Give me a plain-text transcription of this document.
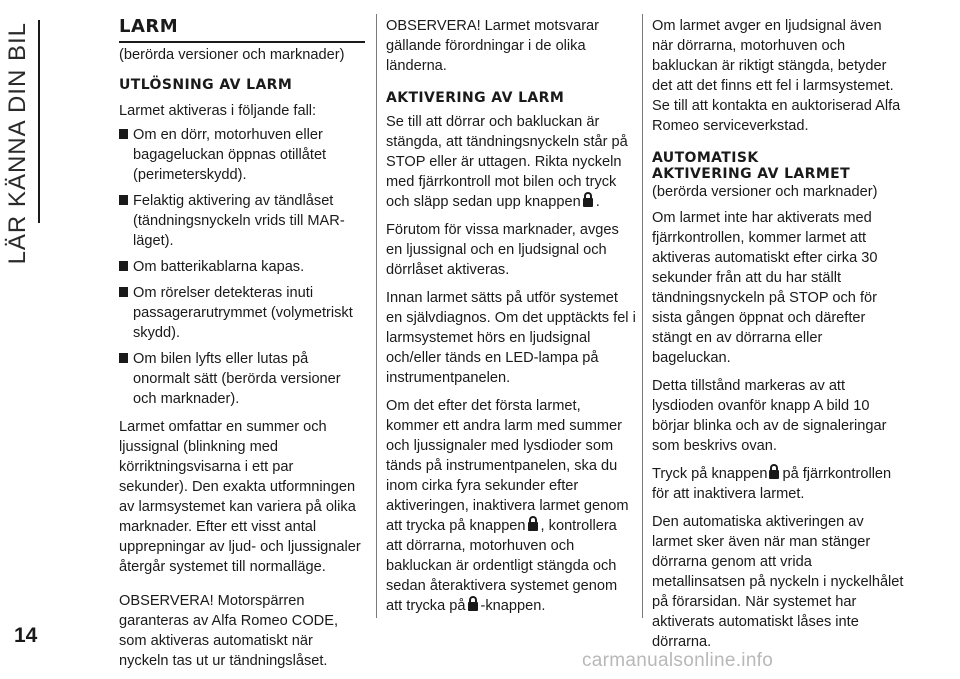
LÄR KÄNNA DIN BIL
14
LARM

(berörda versioner och marknader)

UTLÖSNING AV LARM

Larmet aktiveras i följande fall:

Om en dörr, motorhuven eller bagageluckan öppnas otillåtet (perimeterskydd).
Felaktig aktivering av tändlåset (tändningsnyckeln vrids till MAR-läget).
Om batterikablarna kapas.
Om rörelser detekteras inuti passagerarutrymmet (volymetriskt skydd).
Om bilen lyfts eller lutas på onormalt sätt (berörda versioner och marknader).

Larmet omfattar en summer och ljussignal (blinkning med körriktningsvisarna i ett par sekunder). Den exakta utformningen av larmsystemet kan variera på olika marknader. Efter ett visst antal upprepningar av ljud- och ljussignaler återgår systemet till normalläge.

OBSERVERA! Motorspärren garanteras av Alfa Romeo CODE, som aktiveras automatiskt när nyckeln tas ut ur tändningslåset.

OBSERVERA! Larmet motsvarar gällande förordningar i de olika länderna.

AKTIVERING AV LARM

Se till att dörrar och bakluckan är stängda, att tändningsnyckeln står på STOP eller är uttagen. Rikta nyckeln med fjärrkontroll mot bilen och tryck och släpp sedan upp knappen .

Förutom för vissa marknader, avges en ljussignal och en ljudsignal och dörrlåset aktiveras.

Innan larmet sätts på utför systemet en självdiagnos. Om det upptäckts fel i larmsystemet hörs en ljudsignal och/eller tänds en LED-lampa på instrumentpanelen.

Om det efter det första larmet, kommer ett andra larm med summer och ljussignaler med lysdioder som tänds på instrumentpanelen, ska du inom cirka fyra sekunder efter aktiveringen, inaktivera larmet genom att trycka på knappen , kontrollera att dörrarna, motorhuven och bakluckan är ordentligt stängda och sedan återaktivera systemet genom att trycka på -knappen.

Om larmet avger en ljudsignal även när dörrarna, motorhuven och bakluckan är riktigt stängda, betyder det att det finns ett fel i larmsystemet. Se till att kontakta en auktoriserad Alfa Romeo serviceverkstad.

AUTOMATISK
AKTIVERING AV LARMET

(berörda versioner och marknader)

Om larmet inte har aktiverats med fjärrkontrollen, kommer larmet att aktiveras automatiskt efter cirka 30 sekunder från att du har ställt tändningsnyckeln på STOP och för sista gången öppnat och därefter stängt en av dörrarna eller bageluckan.

Detta tillstånd markeras av att lysdioden ovanför knapp A bild 10 börjar blinka och av de signaleringar som beskrivs ovan.

Tryck på knappen på fjärrkontrollen för att inaktivera larmet.

Den automatiska aktiveringen av larmet sker även när man stänger dörrarna genom att vrida metallinsatsen på nyckeln i nyckelhålet på förarsidan. När systemet har aktiverats automatiskt låses inte dörrarna.

carmanualsonline.info
